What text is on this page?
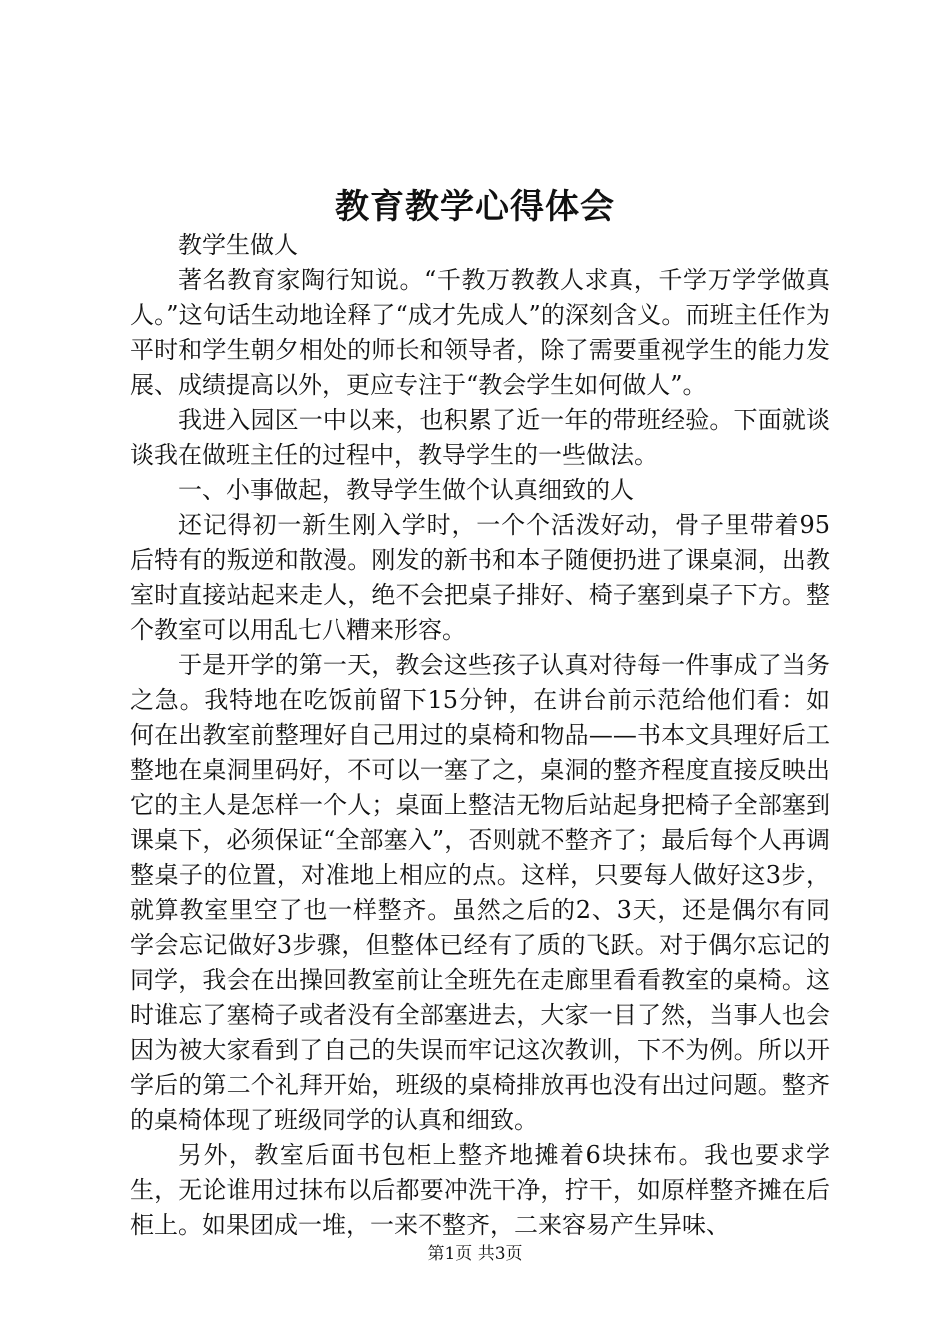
教育教学心得体会

教学生做人

著名教育家陶行知说。“千教万教教人求真，千学万学学做真人。”这句话生动地诠释了“成才先成人”的深刻含义。而班主任作为平时和学生朝夕相处的师长和领导者，除了需要重视学生的能力发展、成绩提高以外，更应专注于“教会学生如何做人”。

我进入园区一中以来，也积累了近一年的带班经验。下面就谈谈我在做班主任的过程中，教导学生的一些做法。

一、小事做起，教导学生做个认真细致的人

还记得初一新生刚入学时，一个个活泼好动，骨子里带着95后特有的叛逆和散漫。刚发的新书和本子随便扔进了课桌洞，出教室时直接站起来走人，绝不会把桌子排好、椅子塞到桌子下方。整个教室可以用乱七八糟来形容。

于是开学的第一天，教会这些孩子认真对待每一件事成了当务之急。我特地在吃饭前留下15分钟，在讲台前示范给他们看：如何在出教室前整理好自己用过的桌椅和物品——书本文具理好后工整地在桌洞里码好，不可以一塞了之，桌洞的整齐程度直接反映出它的主人是怎样一个人；桌面上整洁无物后站起身把椅子全部塞到课桌下，必须保证“全部塞入”，否则就不整齐了；最后每个人再调整桌子的位置，对准地上相应的点。这样，只要每人做好这3步，就算教室里空了也一样整齐。虽然之后的2、3天，还是偶尔有同学会忘记做好3步骤，但整体已经有了质的飞跃。对于偶尔忘记的同学，我会在出操回教室前让全班先在走廊里看看教室的桌椅。这时谁忘了塞椅子或者没有全部塞进去，大家一目了然，当事人也会因为被大家看到了自己的失误而牢记这次教训，下不为例。所以开学后的第二个礼拜开始，班级的桌椅排放再也没有出过问题。整齐的桌椅体现了班级同学的认真和细致。

另外，教室后面书包柜上整齐地摊着6块抹布。我也要求学生，无论谁用过抹布以后都要冲洗干净，拧干，如原样整齐摊在后柜上。如果团成一堆，一来不整齐，二来容易产生异味、

第1页 共3页
